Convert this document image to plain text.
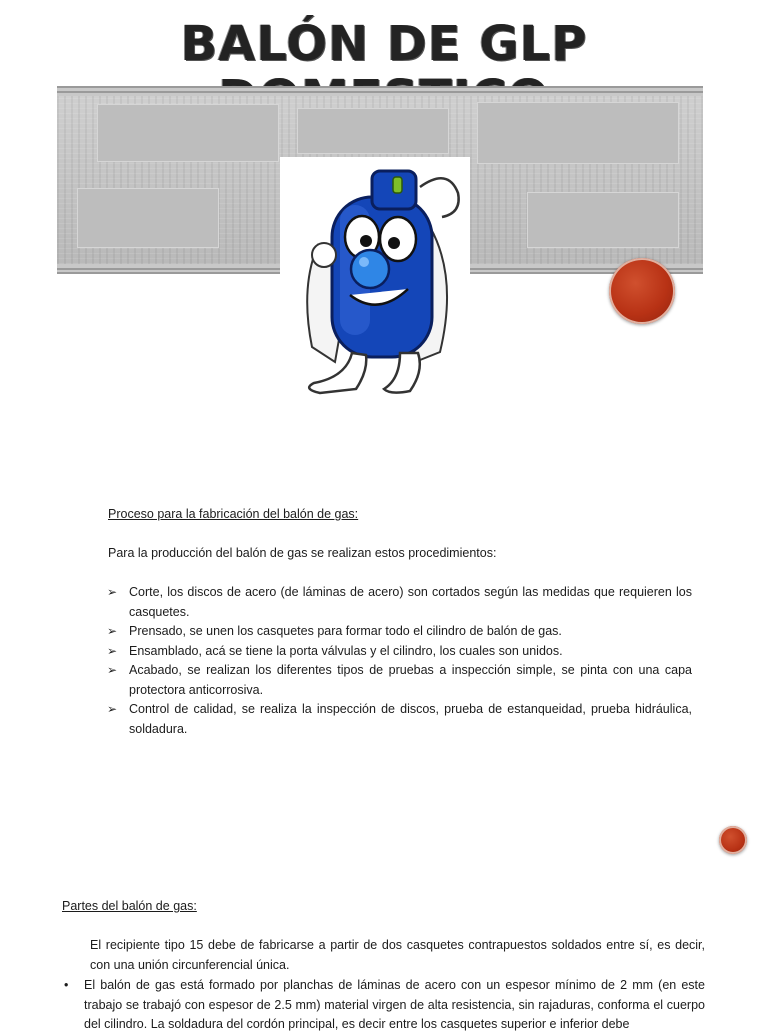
BALÓN DE GLP
Proceso para la fabricación del balón de gas:
Para la producción del balón de gas se realizan estos procedimientos:
➢ Corte, los discos de acero (de láminas de acero) son cortados según las medidas que requieren los casquetes.
➢ Prensado, se unen los casquetes para formar todo el cilindro de balón de gas.
➢ Ensamblado, acá se tiene la porta válvulas y el cilindro, los cuales son unidos.
➢ Acabado, se realizan los diferentes tipos de pruebas a inspección simple, se pinta con una capa protectora anticorrosiva.
➢ Control de calidad, se realiza la inspección de discos, prueba de estanqueidad, prueba hidráulica, soldadura.
Partes del balón de gas:
El recipiente tipo 15 debe de fabricarse a partir de dos casquetes contrapuestos soldados entre sí, es decir, con una unión circunferencial única.
• El balón de gas está formado por planchas de láminas de acero con un espesor mínimo de 2 mm (en este trabajo se trabajó con espesor de 2.5 mm) material virgen de alta resistencia, sin rajaduras, conforma el cuerpo del cilindro. La soldadura del cordón principal, es decir entre los casquetes superior e inferior debe
